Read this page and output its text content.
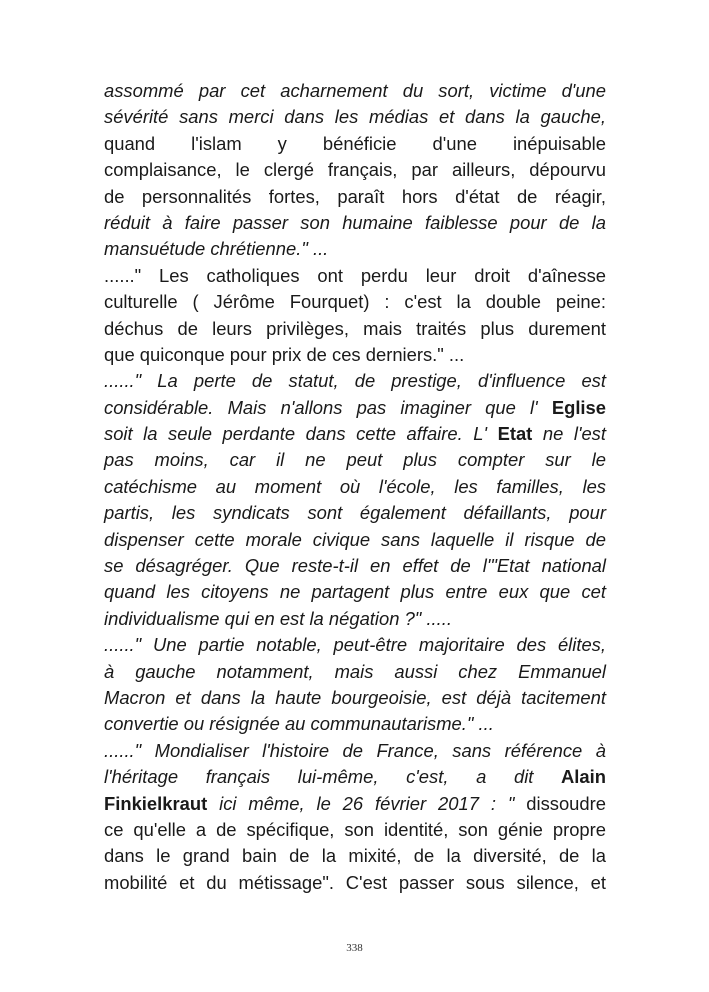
assommé par cet acharnement du sort, victime d'une
sévérité sans merci dans les médias et dans la gauche,
quand l'islam y bénéficie d'une inépuisable
complaisance, le clergé français, par ailleurs, dépourvu
de personnalités fortes, paraît hors d'état de réagir,
réduit à faire passer son humaine faiblesse pour de la
mansuétude chrétienne." ...
......" Les catholiques ont perdu leur droit d'aînesse
culturelle ( Jérôme Fourquet) : c'est la double peine:
déchus de leurs privilèges, mais traités plus durement
que quiconque pour prix de ces derniers." ...
......" La perte de statut, de prestige, d'influence est
considérable. Mais n'allons pas imaginer que l' Eglise
soit la seule perdante dans cette affaire. L' Etat ne l'est
pas moins, car il ne peut plus compter sur le
catéchisme au moment où l'école, les familles, les
partis, les syndicats sont également défaillants, pour
dispenser cette morale civique sans laquelle il risque de
se désagréger. Que reste-t-il en effet de l'"Etat national
quand les citoyens ne partagent plus entre eux que cet
individualisme qui en est la négation ?" .....
......" Une partie notable, peut-être majoritaire des élites,
à gauche notamment, mais aussi chez Emmanuel
Macron et dans la haute bourgeoisie, est déjà tacitement
convertie ou résignée au communautarisme." ...
......" Mondialiser l'histoire de France, sans référence à
l'héritage français lui-même, c'est, a dit Alain
Finkielkraut ici même, le 26 février 2017 : " dissoudre
ce qu'elle a de spécifique, son identité, son génie propre
dans le grand bain de la mixité, de la diversité, de la
mobilité et du métissage". C'est passer sous silence, et
338
